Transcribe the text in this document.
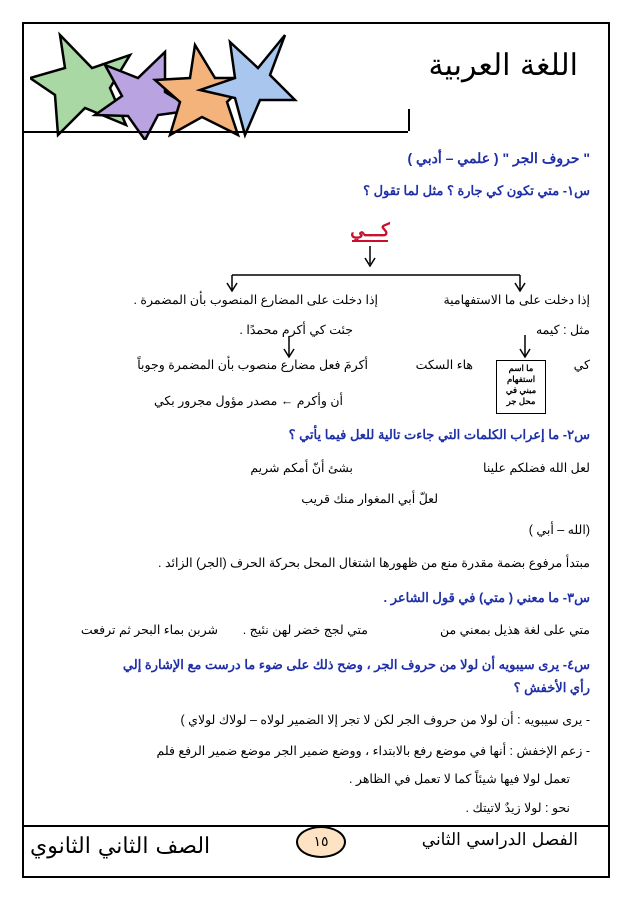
اللغة العربية
" حروف الجر " ( علمي – أدبي )
س١- متي تكون كي جارة ؟ مثل لما تقول ؟
كـــي
إذا دخلت على ما الاستفهامية
إذا دخلت على المضارع المنصوب بأن المضمرة .
مثل : كيمه
جئت كي أكرم محمدًا .
كي
هاء السكت
أكرمَ فعل مضارع منصوب بأن المضمرة وجوباً	ما اسم
استفهام
مبني في
محل جر
أن وأكرم ← مصدر مؤول مجرور بكي
س٢- ما إعراب الكلمات التي جاءت تالية للعل فيما يأتي ؟
لعل الله فضلكم علينا
بشئ أنّ أمكم شريم
لعلّ أبي المغوار منك قريب
(الله – أبي )
مبتدأ مرفوع بضمة مقدرة منع من ظهورها اشتغال المحل بحركة الحرف (الجر) الزائد .
س٣- ما معني ( متي) في قول الشاعر .
شربن بماء البحر ثم ترفعت	متي لجج خضر لهن نئيج .	متي على لغة هذيل بمعني من
س٤- يرى سيبويه أن لولا من حروف الجر ، وضح ذلك على ضوء ما درست مع الإشارة إلي
رأي الأخفش ؟
- يرى سيبويه : أن لولا من حروف الجر لكن لا تجر إلا الضمير لولاه – لولاك لولاي )
- زعم الإخفش : أنها في موضع رفع بالابتداء ، ووضع ضمير الجر موضع ضمير الرفع فلم
تعمل لولا فيها شيئاً كما لا تعمل في الظاهر .
نحو : لولا زيدٌ لاتيتك .
الفصل الدراسي الثاني
١٥
الصف الثاني الثانوي
